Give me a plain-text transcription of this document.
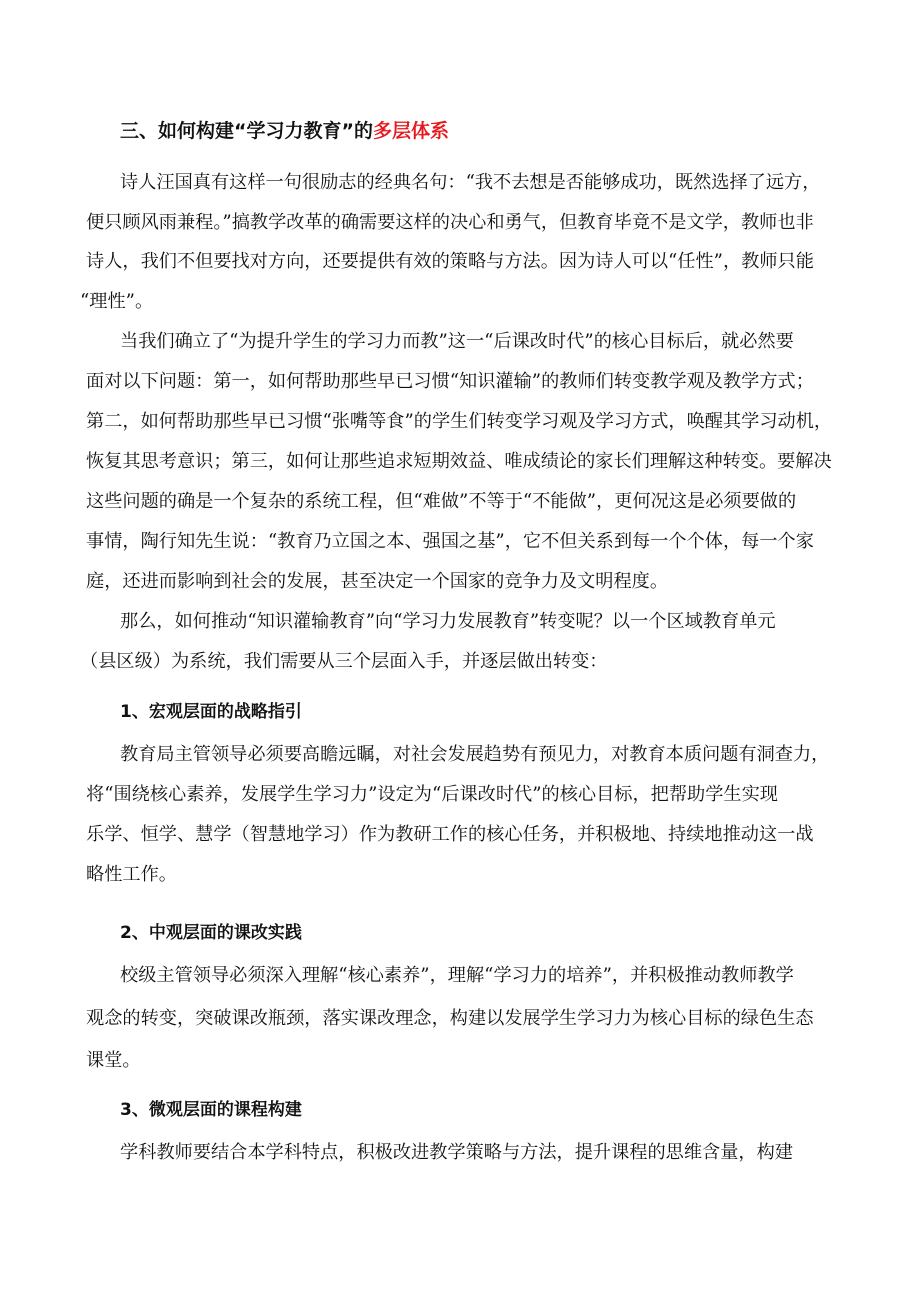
三、如何构建“学习力教育”的多层体系
诗人汪国真有这样一句很励志的经典名句：“我不去想是否能够成功，既然选择了远方，
便只顾风雨兼程。”搞教学改革的确需要这样的决心和勇气，但教育毕竟不是文学，教师也非
诗人，我们不但要找对方向，还要提供有效的策略与方法。因为诗人可以“任性”，教师只能
“理性”。
当我们确立了“为提升学生的学习力而教”这一“后课改时代”的核心目标后，就必然要
面对以下问题：第一，如何帮助那些早已习惯“知识灌输”的教师们转变教学观及教学方式；
第二，如何帮助那些早已习惯“张嘴等食”的学生们转变学习观及学习方式，唤醒其学习动机，
恢复其思考意识；第三，如何让那些追求短期效益、唯成绩论的家长们理解这种转变。要解决
这些问题的确是一个复杂的系统工程，但“难做”不等于“不能做”，更何况这是必须要做的
事情，陶行知先生说：“教育乃立国之本、强国之基”，它不但关系到每一个个体，每一个家
庭，还进而影响到社会的发展，甚至决定一个国家的竞争力及文明程度。
那么，如何推动“知识灌输教育”向“学习力发展教育”转变呢？以一个区域教育单元
（县区级）为系统，我们需要从三个层面入手，并逐层做出转变：
1、宏观层面的战略指引
教育局主管领导必须要高瞻远瞩，对社会发展趋势有预见力，对教育本质问题有洞查力，
将“围绕核心素养，发展学生学习力”设定为“后课改时代”的核心目标，把帮助学生实现
乐学、恒学、慧学（智慧地学习）作为教研工作的核心任务，并积极地、持续地推动这一战
略性工作。
2、中观层面的课改实践
校级主管领导必须深入理解“核心素养”，理解“学习力的培养”，并积极推动教师教学
观念的转变，突破课改瓶颈，落实课改理念，构建以发展学生学习力为核心目标的绿色生态
课堂。
3、微观层面的课程构建
学科教师要结合本学科特点，积极改进教学策略与方法，提升课程的思维含量，构建
